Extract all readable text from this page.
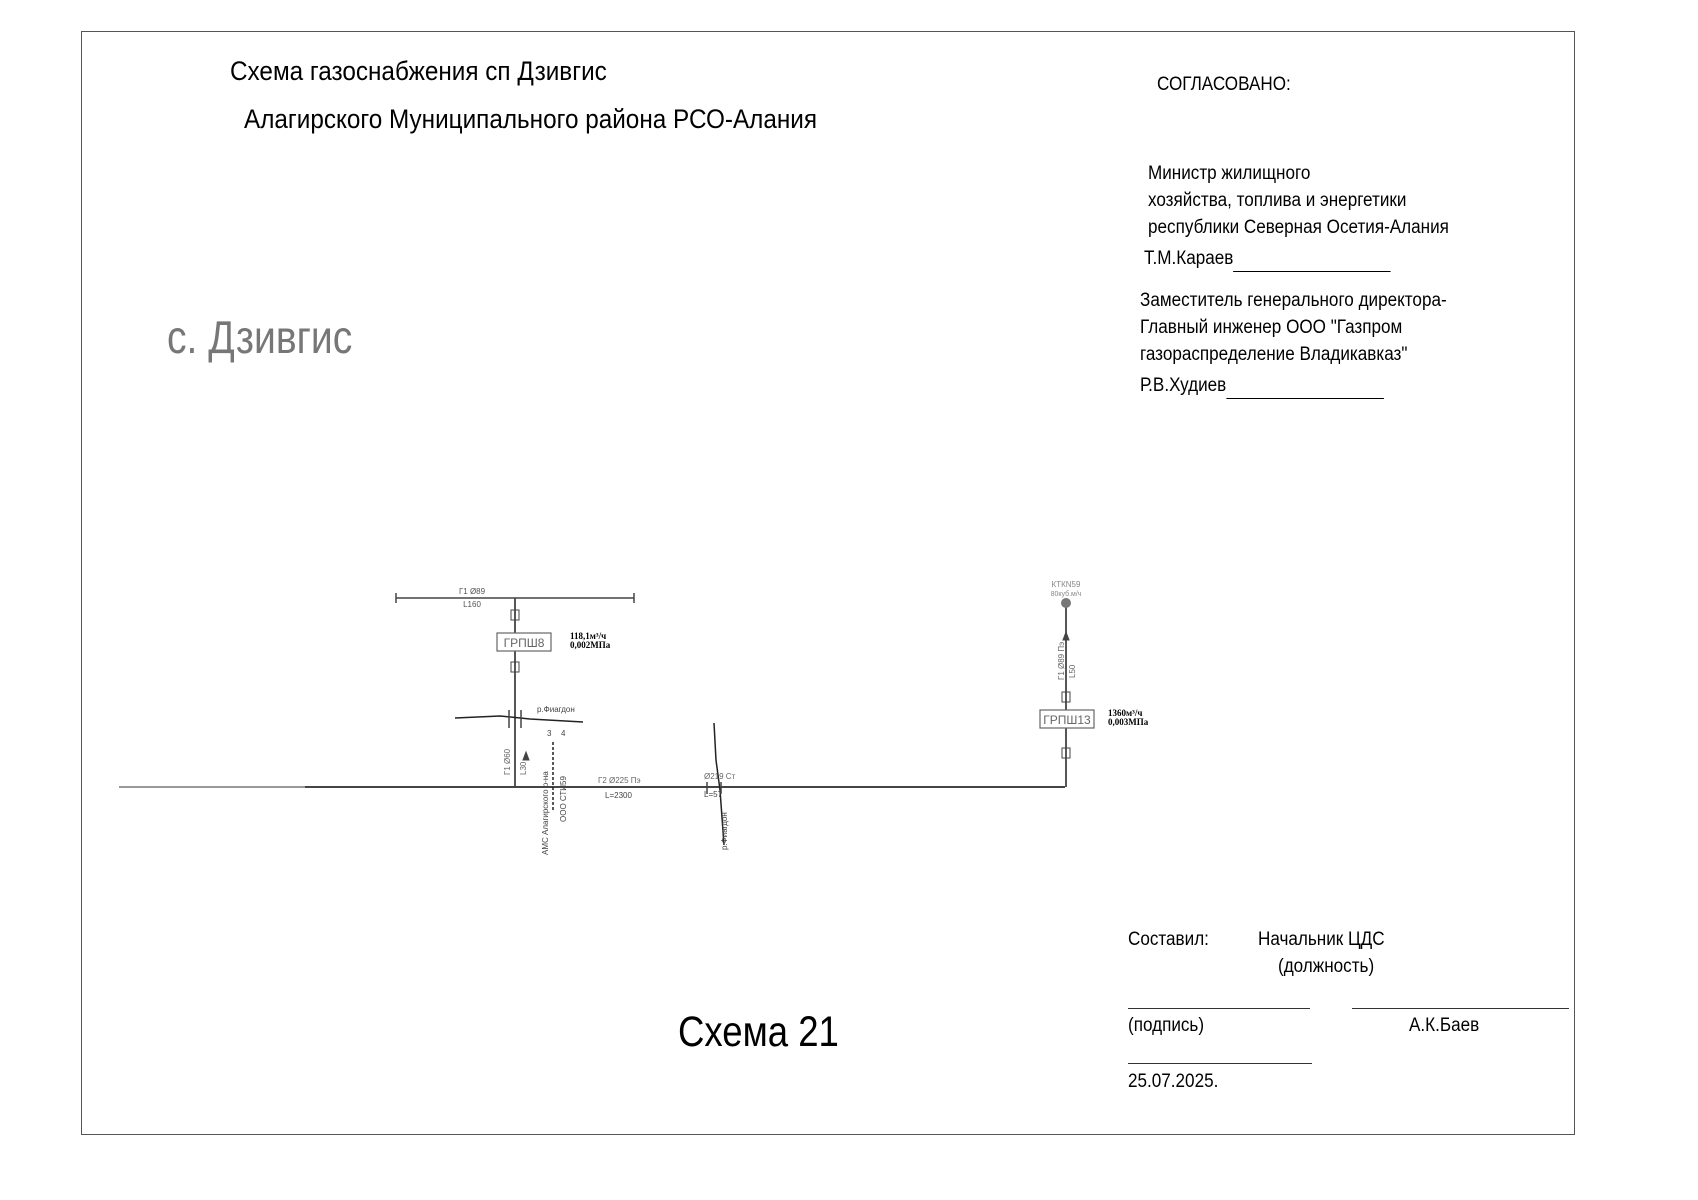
Схема газоснабжения сп Дзивгис
Алагирского Муниципального района РСО-Алания
СОГЛАСОВАНО:
Министр жилищного
хозяйства, топлива и энергетики
республики Северная Осетия-Алания
Т.М.Караев
Заместитель генерального директора-
Главный инженер ООО "Газпром
газораспределение Владикавказ"
Р.В.Худиев
с. Дзивгис
ГРПШ8	118,1м³/ч
0,002МПа
ГРПШ13 1360м³/ч
0,003МПа
КТКN59
80куб.м/ч
Г1 Ø89
L160
р.Фиагдон
3 4
Г1 Ø60 L30
АМС Алагирского р-на ООО СТИ59	Г2 Ø225 Пэ
L=2300
Ø219 Ст
L=57
р.Фиагдон
Г1 Ø89 Пэ L50
Схема 21
Составил:	Начальник ЦДС
(должность)
(подпись)	А.К.Баев
25.07.2025.
